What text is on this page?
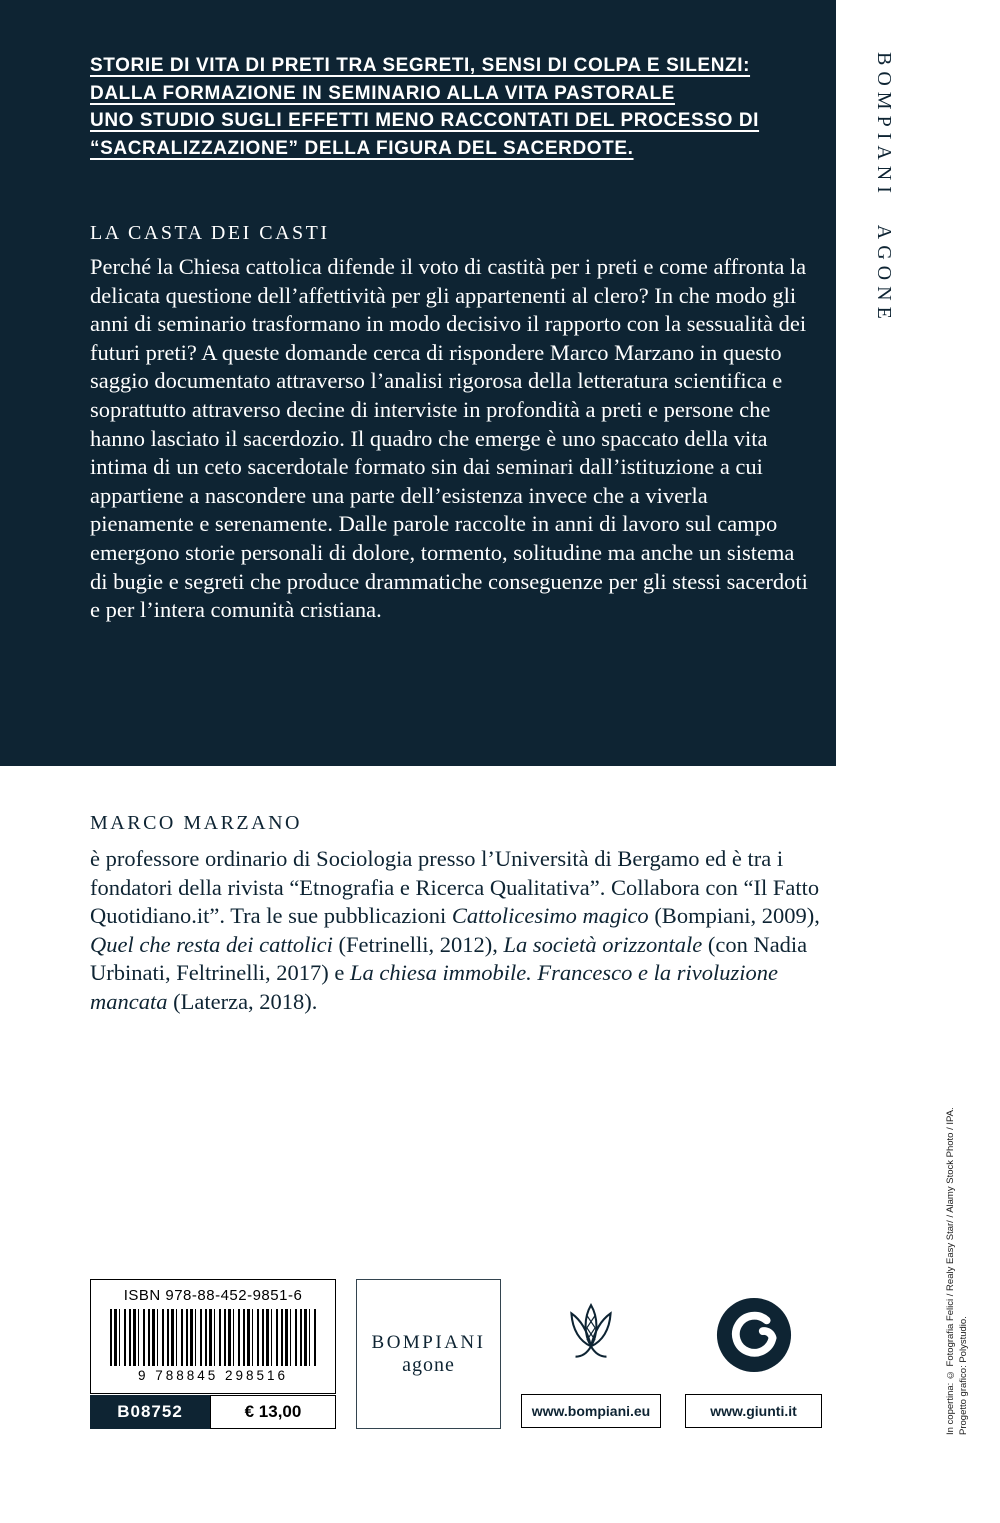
STORIE DI VITA DI PRETI TRA SEGRETI, SENSI DI COLPA E SILENZI:
DALLA FORMAZIONE IN SEMINARIO ALLA VITA PASTORALE
UNO STUDIO SUGLI EFFETTI MENO RACCONTATI DEL PROCESSO DI
“SACRALIZZAZIONE” DELLA FIGURA DEL SACERDOTE.
LA CASTA DEI CASTI

Perché la Chiesa cattolica difende il voto di castità per i preti e come affronta la delicata questione dell’affettività per gli appartenenti al clero? In che modo gli anni di seminario trasformano in modo decisivo il rapporto con la sessualità dei futuri preti? A queste domande cerca di rispondere Marco Marzano in questo saggio documentato attraverso l’analisi rigorosa della letteratura scientifica e soprattutto attraverso decine di interviste in profondità a preti e persone che hanno lasciato il sacerdozio. Il quadro che emerge è uno spaccato della vita intima di un ceto sacerdotale formato sin dai seminari dall’istituzione a cui appartiene a nascondere una parte dell’esistenza invece che a viverla pienamente e serenamente. Dalle parole raccolte in anni di lavoro sul campo emergono storie personali di dolore, tormento, solitudine ma anche un sistema di bugie e segreti che produce drammatiche conseguenze per gli stessi sacerdoti e per l’intera comunità cristiana.

BOMPIANI AGONE
MARCO MARZANO

è professore ordinario di Sociologia presso l’Università di Bergamo ed è tra i fondatori della rivista “Etnografia e Ricerca Qualitativa”. Collabora con “Il Fatto Quotidiano.it”. Tra le sue pubblicazioni Cattolicesimo magico (Bompiani, 2009), Quel che resta dei cattolici (Fetrinelli, 2012), La società orizzontale (con Nadia Urbinati, Feltrinelli, 2017) e La chiesa immobile. Francesco e la rivoluzione mancata (Laterza, 2018).

ISBN 978-88-452-9851-6
9 788845 298516
B08752	€ 13,00
BOMPIANI
agone
www.bompiani.eu	www.giunti.it	In copertina: © Fotografia Felici / Realy Easy Star/ / Alamy Stock Photo / IPA. Progetto grafico: Polystudio.
